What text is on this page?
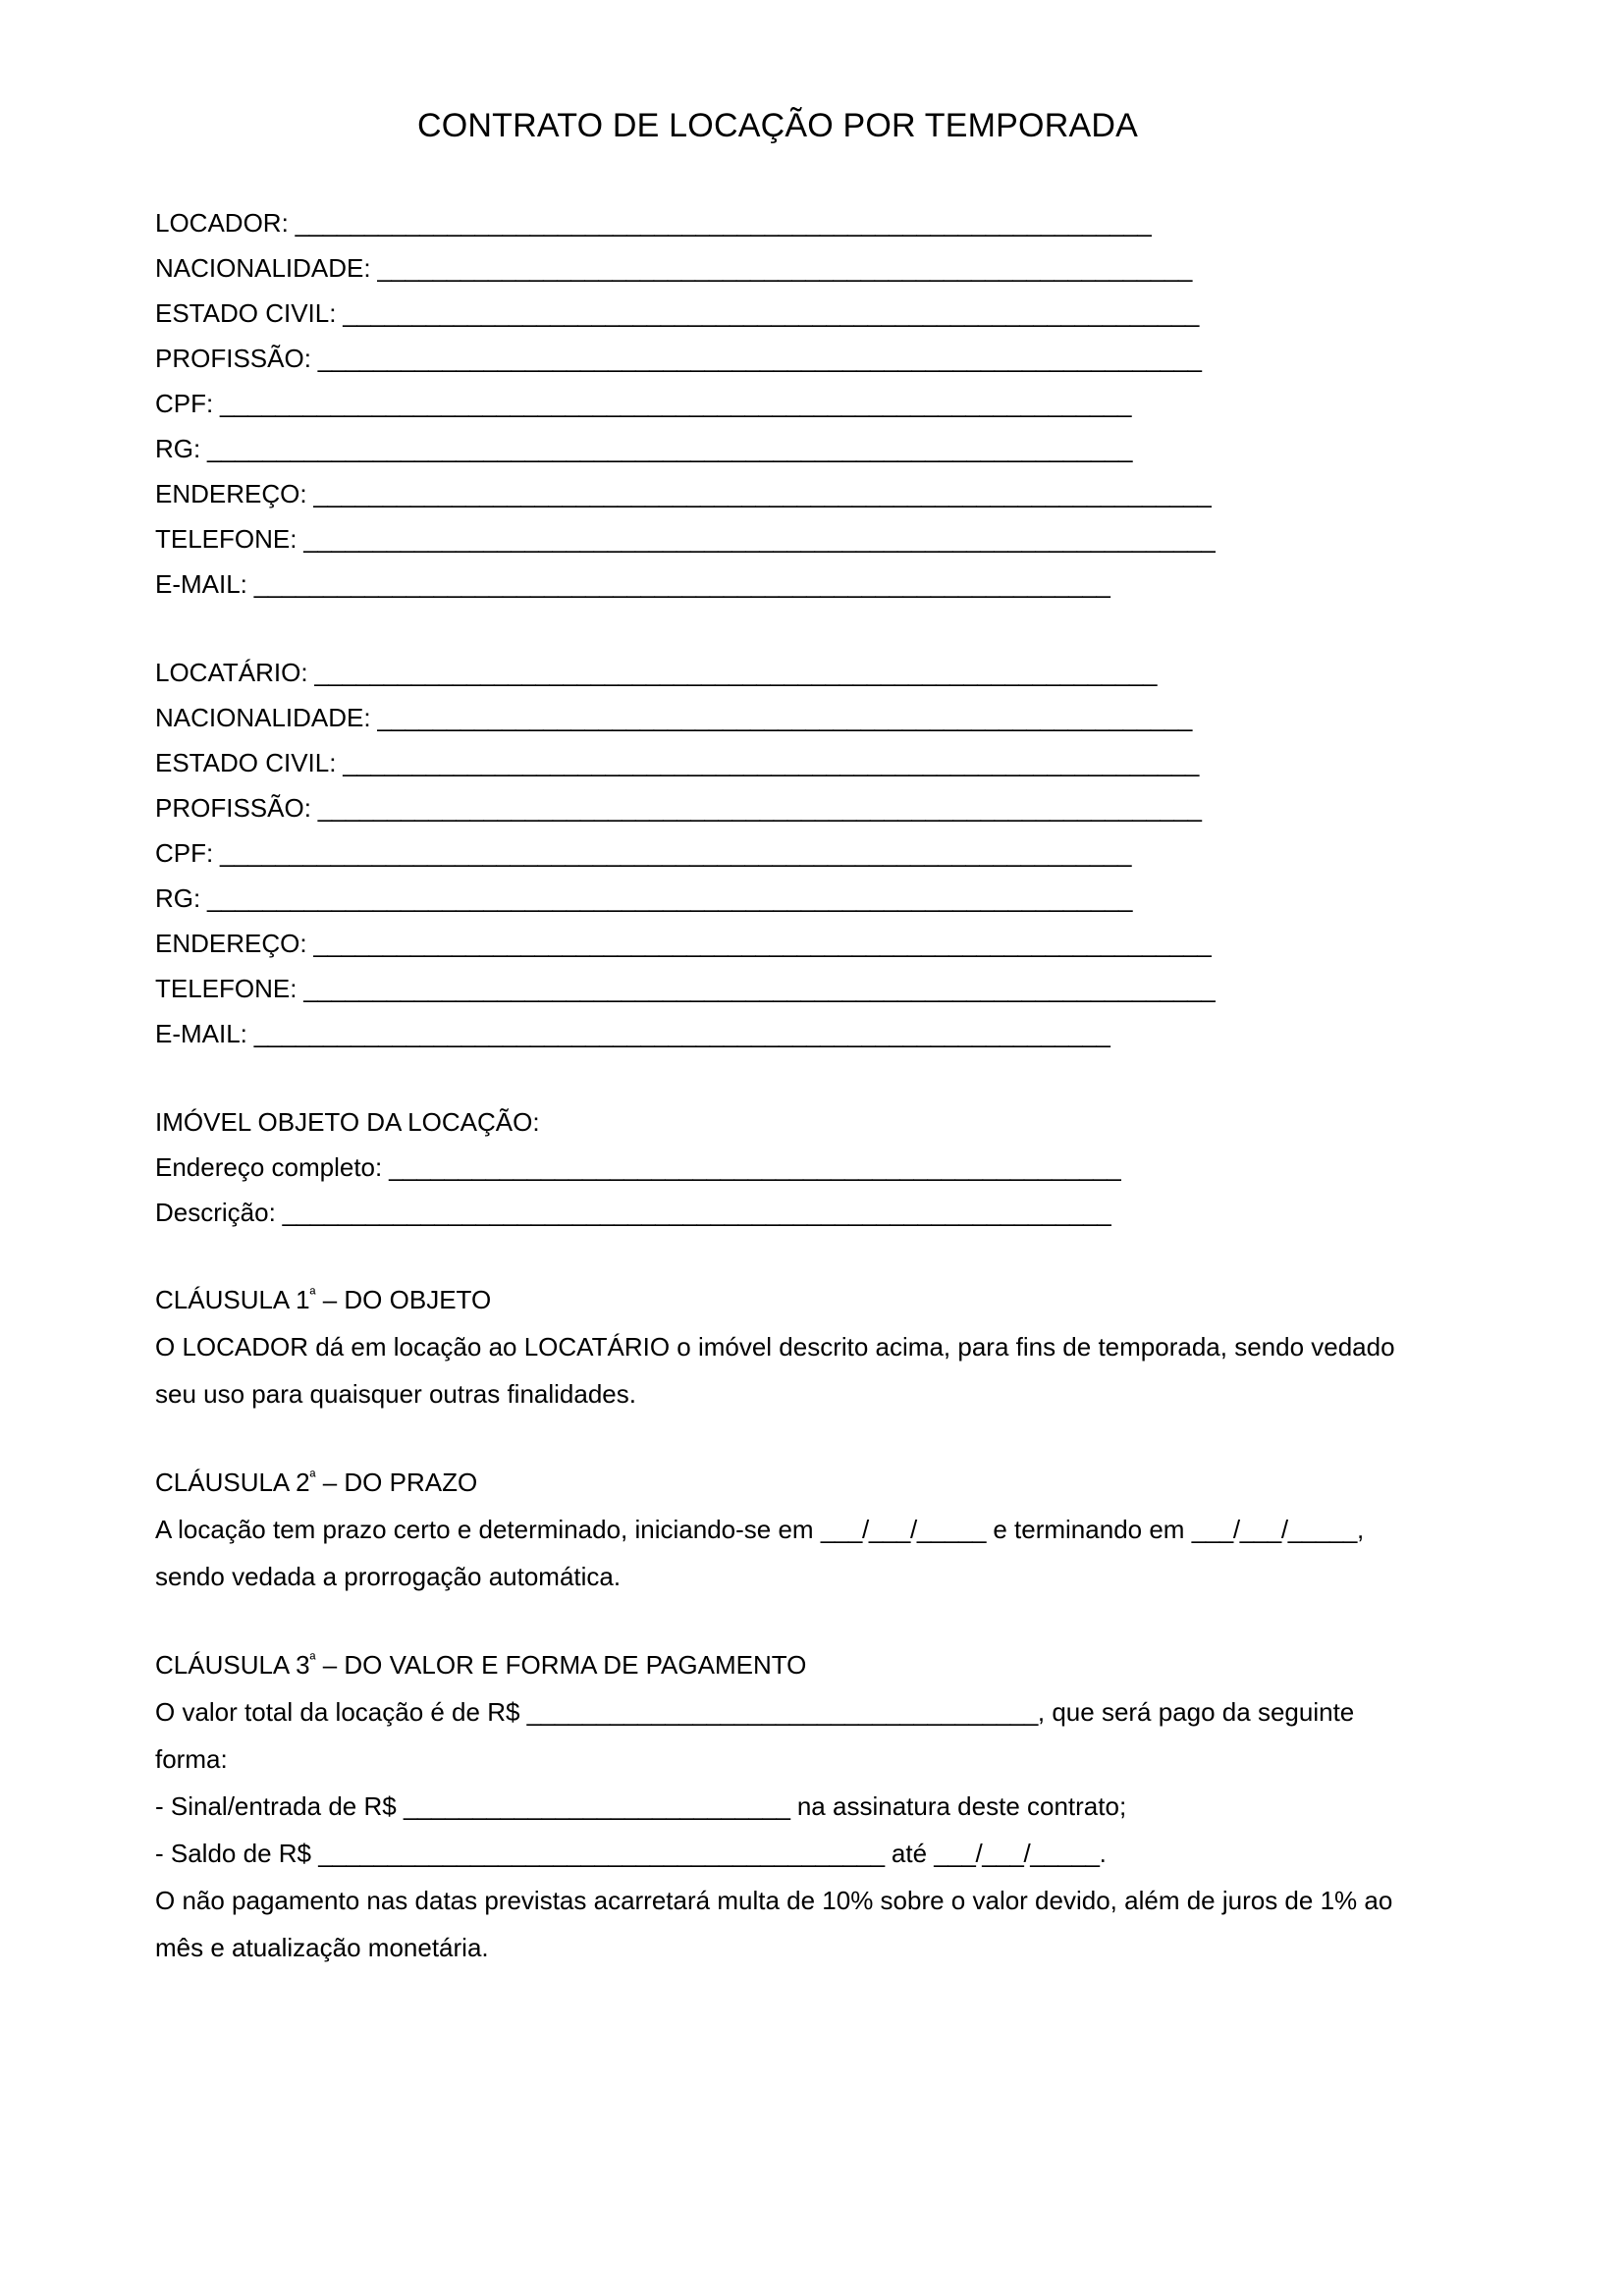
CONTRATO DE LOCAÇÃO POR TEMPORADA
LOCADOR: ______________________________________________________________
NACIONALIDADE: ___________________________________________________________
ESTADO CIVIL: ______________________________________________________________
PROFISSÃO: ________________________________________________________________
CPF: __________________________________________________________________
RG: ___________________________________________________________________
ENDEREÇO: _________________________________________________________________
TELEFONE: __________________________________________________________________
E-MAIL: ______________________________________________________________
LOCATÁRIO: _____________________________________________________________
NACIONALIDADE: ___________________________________________________________
ESTADO CIVIL: ______________________________________________________________
PROFISSÃO: ________________________________________________________________
CPF: __________________________________________________________________
RG: ___________________________________________________________________
ENDEREÇO: _________________________________________________________________
TELEFONE: __________________________________________________________________
E-MAIL: ______________________________________________________________
IMÓVEL OBJETO DA LOCAÇÃO:
Endereço completo: _____________________________________________________
Descrição: ____________________________________________________________
CLÁUSULA $1^ª$ – DO OBJETO
O LOCADOR dá em locação ao LOCATÁRIO o imóvel descrito acima, para fins de temporada, sendo vedado seu uso para quaisquer outras finalidades.
CLÁUSULA $2^ª$ – DO PRAZO
A locação tem prazo certo e determinado, iniciando-se em ___/___/_____ e terminando em ___/___/_____, sendo vedada a prorrogação automática.
CLÁUSULA $3^ª$ – DO VALOR E FORMA DE PAGAMENTO
O valor total da locação é de R$ _____________________________________, que será pago da seguinte forma:
- Sinal/entrada de R$ ____________________________ na assinatura deste contrato;
- Saldo de R$ _________________________________________ até ___/___/_____.
O não pagamento nas datas previstas acarretará multa de 10% sobre o valor devido, além de juros de 1% ao mês e atualização monetária.
